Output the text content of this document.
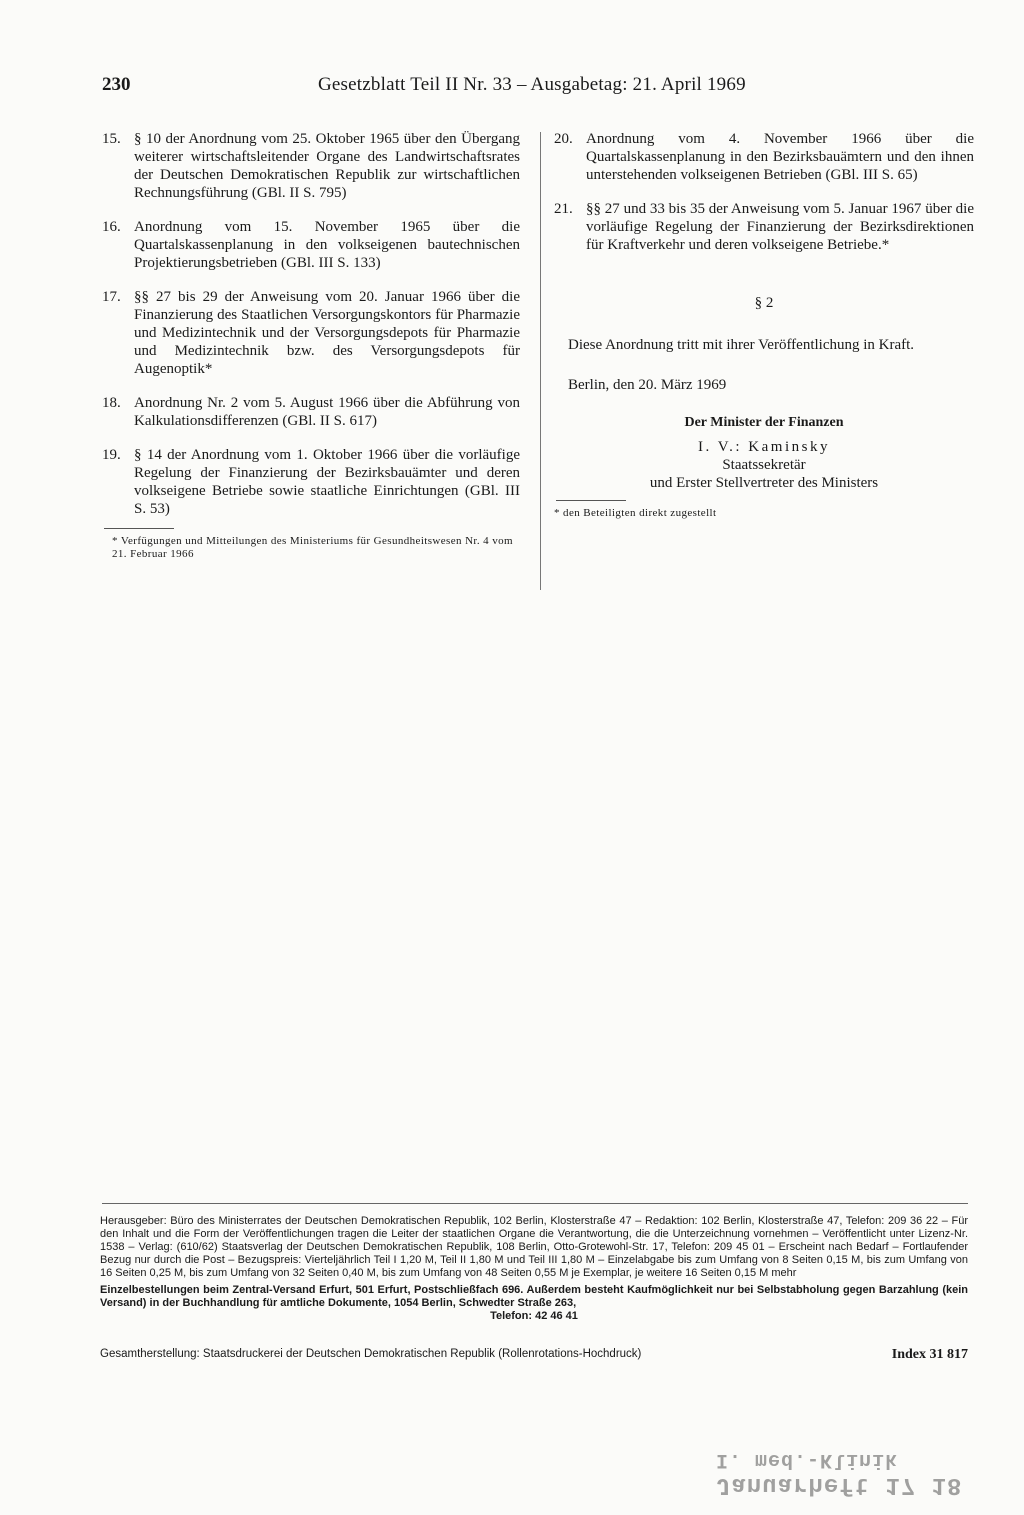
230	Gesetzblatt Teil II Nr. 33 – Ausgabetag: 21. April 1969
15. § 10 der Anordnung vom 25. Oktober 1965 über den Übergang weiterer wirtschaftsleitender Organe des Landwirtschaftsrates der Deutschen Demokratischen Republik zur wirtschaftlichen Rechnungsführung (GBl. II S. 795)
16. Anordnung vom 15. November 1965 über die Quartalskassenplanung in den volkseigenen bautechnischen Projektierungsbetrieben (GBl. III S. 133)
17. §§ 27 bis 29 der Anweisung vom 20. Januar 1966 über die Finanzierung des Staatlichen Versorgungskontors für Pharmazie und Medizintechnik und der Versorgungsdepots für Pharmazie und Medizintechnik bzw. des Versorgungsdepots für Augenoptik*
18. Anordnung Nr. 2 vom 5. August 1966 über die Abführung von Kalkulationsdifferenzen (GBl. II S. 617)
19. § 14 der Anordnung vom 1. Oktober 1966 über die vorläufige Regelung der Finanzierung der Bezirksbauämter und deren volkseigene Betriebe sowie staatliche Einrichtungen (GBl. III S. 53)
* Verfügungen und Mitteilungen des Ministeriums für Gesundheitswesen Nr. 4 vom 21. Februar 1966
20. Anordnung vom 4. November 1966 über die Quartalskassenplanung in den Bezirksbauämtern und den ihnen unterstehenden volkseigenen Betrieben (GBl. III S. 65)
21. §§ 27 und 33 bis 35 der Anweisung vom 5. Januar 1967 über die vorläufige Regelung der Finanzierung der Bezirksdirektionen für Kraftverkehr und deren volkseigene Betriebe.*
§ 2
Diese Anordnung tritt mit ihrer Veröffentlichung in Kraft.
Berlin, den 20. März 1969
Der Minister der Finanzen
I. V.: Kaminsky
Staatssekretär
und Erster Stellvertreter des Ministers
* den Beteiligten direkt zugestellt
Herausgeber: Büro des Ministerrates der Deutschen Demokratischen Republik, 102 Berlin, Klosterstraße 47 – Redaktion: 102 Berlin, Klosterstraße 47, Telefon: 209 36 22 – Für den Inhalt und die Form der Veröffentlichungen tragen die Leiter der staatlichen Organe die Verantwortung, die die Unterzeichnung vornehmen – Veröffentlicht unter Lizenz-Nr. 1538 – Verlag: (610/62) Staatsverlag der Deutschen Demokratischen Republik, 108 Berlin, Otto-Grotewohl-Str. 17, Telefon: 209 45 01 – Erscheint nach Bedarf – Fortlaufender Bezug nur durch die Post – Bezugspreis: Vierteljährlich Teil I 1,20 M, Teil II 1,80 M und Teil III 1,80 M – Einzelabgabe bis zum Umfang von 8 Seiten 0,15 M, bis zum Umfang von 16 Seiten 0,25 M, bis zum Umfang von 32 Seiten 0,40 M, bis zum Umfang von 48 Seiten 0,55 M je Exemplar, je weitere 16 Seiten 0,15 M mehr
Einzelbestellungen beim Zentral-Versand Erfurt, 501 Erfurt, Postschließfach 696. Außerdem besteht Kaufmöglichkeit nur bei Selbstabholung gegen Barzahlung (kein Versand) in der Buchhandlung für amtliche Dokumente, 1054 Berlin, Schwedter Straße 263,
Telefon: 42 46 41
Gesamtherstellung: Staatsdruckerei der Deutschen Demokratischen Republik (Rollenrotations-Hochdruck)	Index 31 817
Januarheft 17 18
I. med.-Klinik
